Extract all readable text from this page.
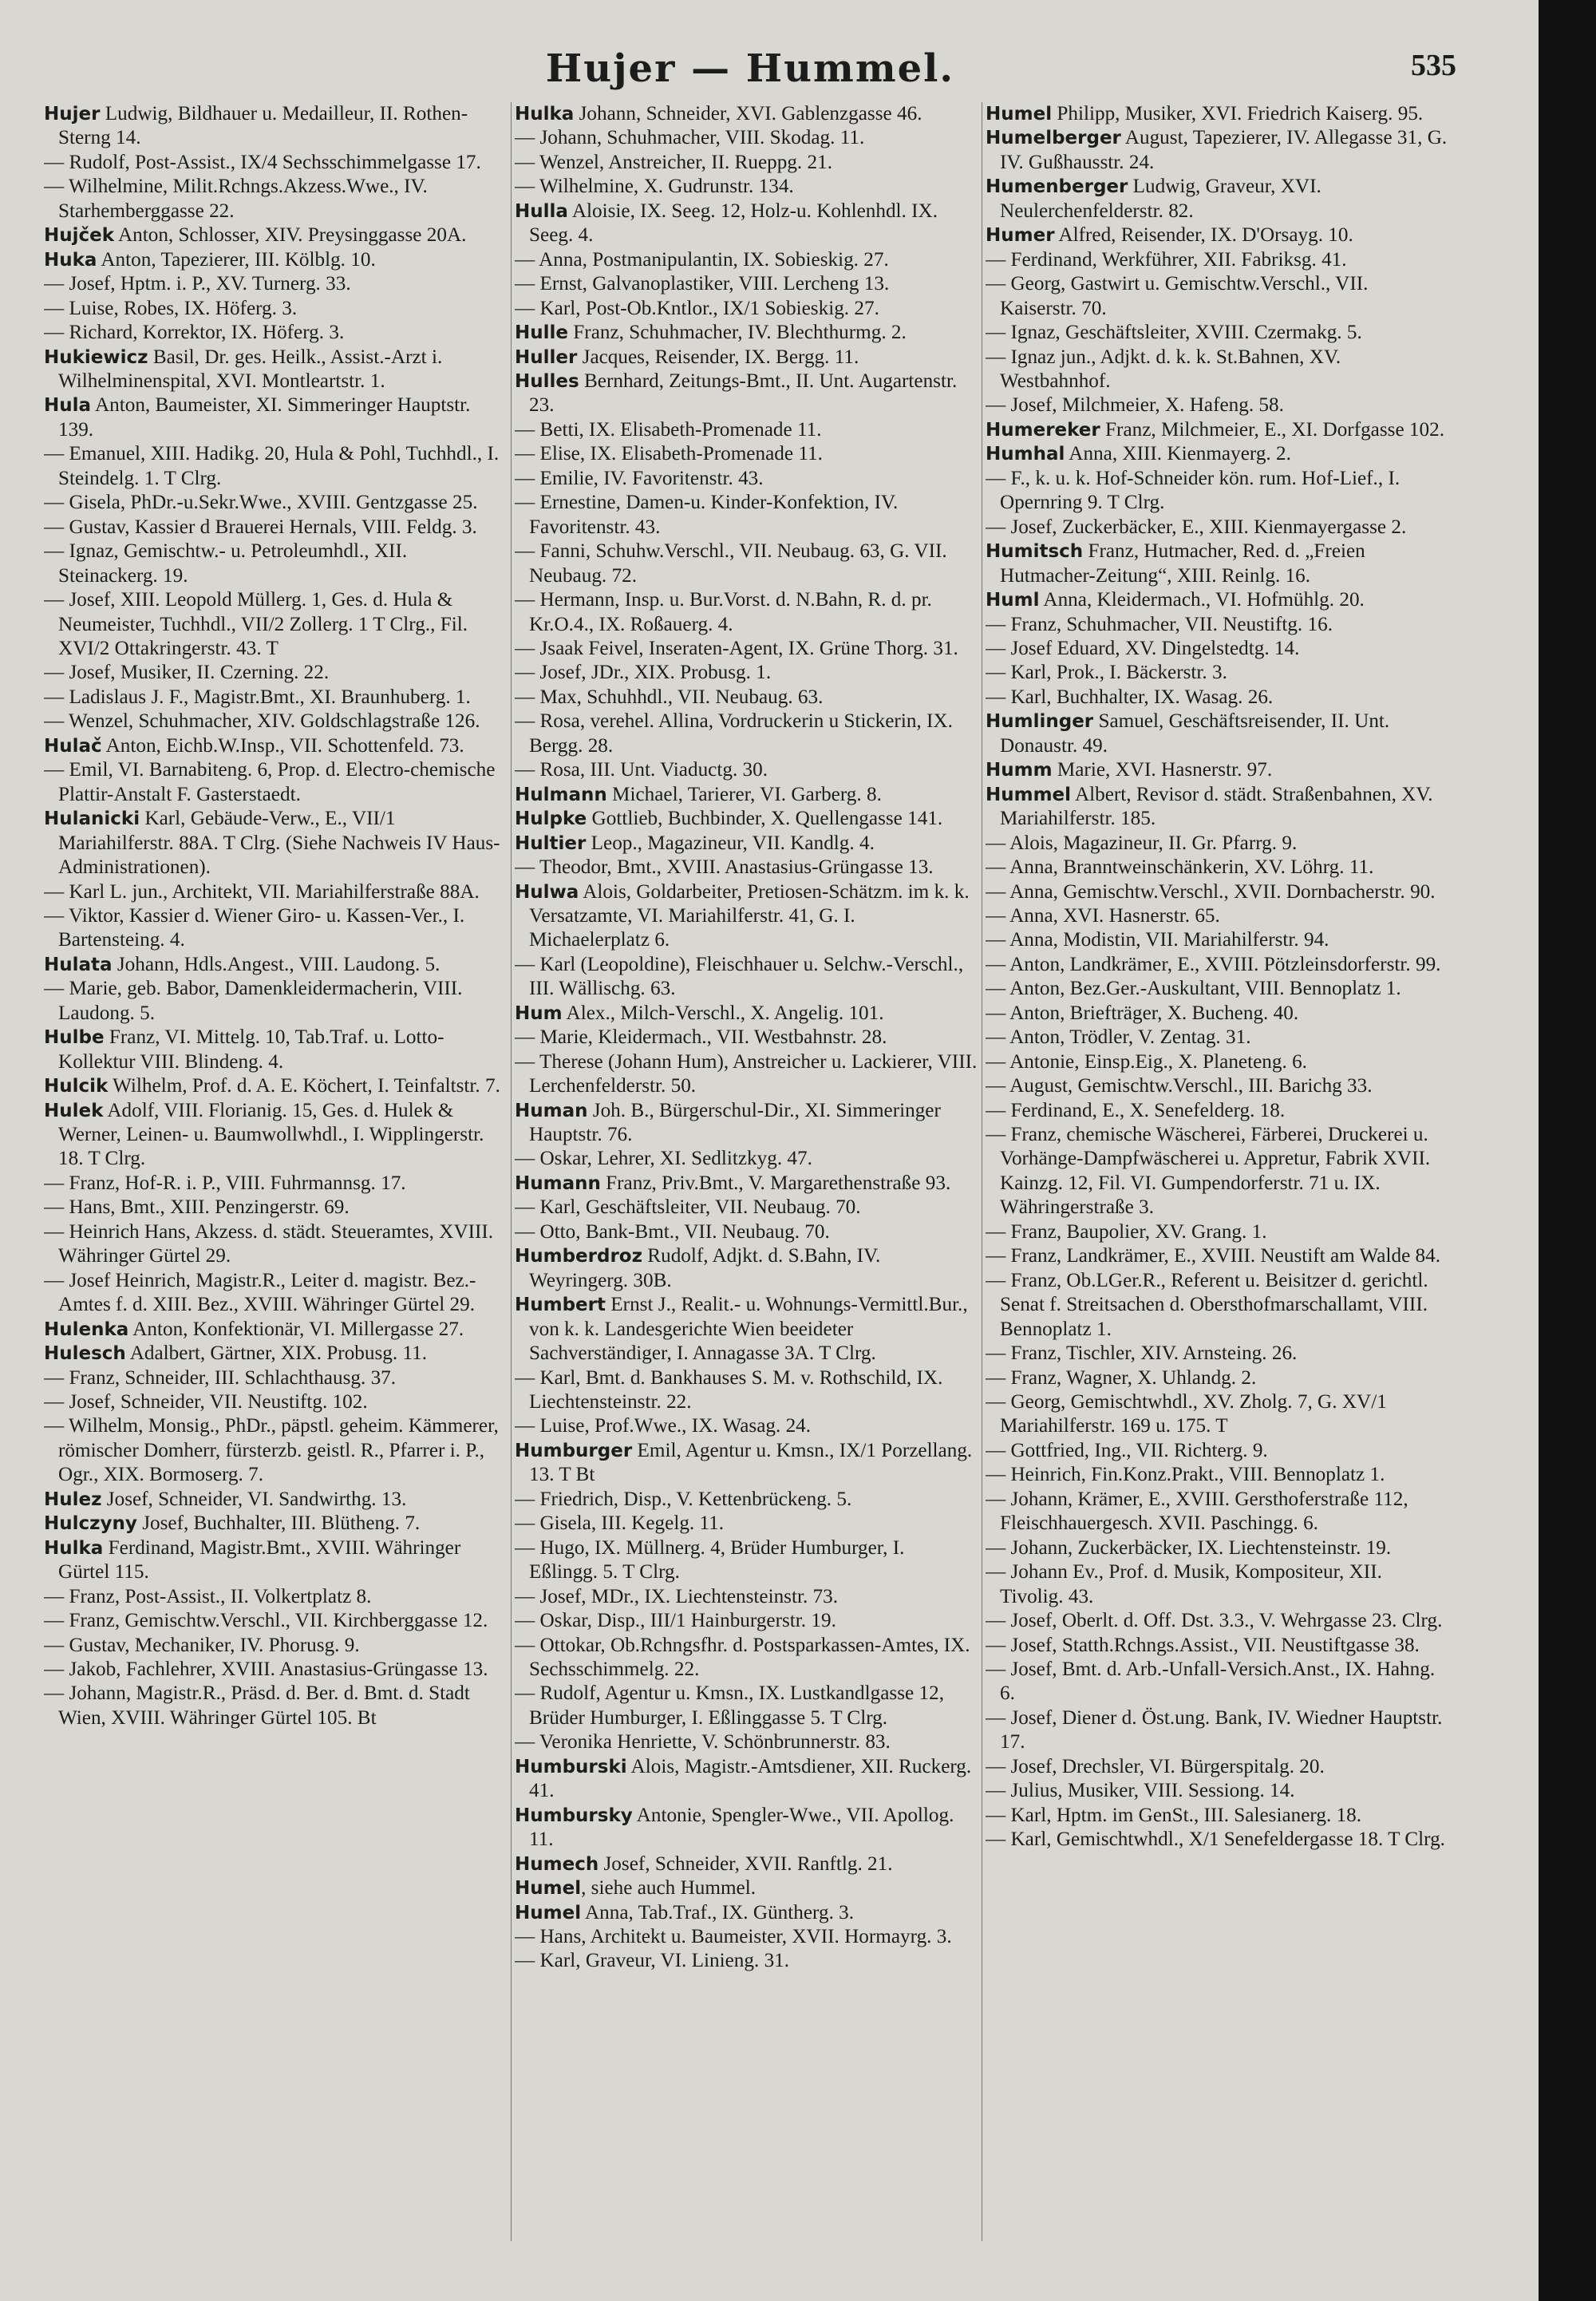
Hujer — Hummel.	535

Hujer Ludwig, Bildhauer u. Medailleur, II. Rothen-Sterng 14.

— Rudolf, Post-Assist., IX/4 Sechsschimmelgasse 17.

— Wilhelmine, Milit.Rchngs.Akzess.Wwe., IV. Starhemberggasse 22.

Hujček Anton, Schlosser, XIV. Preysinggasse 20A.

Huka Anton, Tapezierer, III. Kölblg. 10.

— Josef, Hptm. i. P., XV. Turnerg. 33.

— Luise, Robes, IX. Höferg. 3.

— Richard, Korrektor, IX. Höferg. 3.

Hukiewicz Basil, Dr. ges. Heilk., Assist.-Arzt i. Wilhelminenspital, XVI. Montleartstr. 1.

Hula Anton, Baumeister, XI. Simmeringer Hauptstr. 139.

— Emanuel, XIII. Hadikg. 20, Hula & Pohl, Tuchhdl., I. Steindelg. 1. T Clrg.

— Gisela, PhDr.-u.Sekr.Wwe., XVIII. Gentzgasse 25.

— Gustav, Kassier d Brauerei Hernals, VIII. Feldg. 3.

— Ignaz, Gemischtw.- u. Petroleumhdl., XII. Steinackerg. 19.

— Josef, XIII. Leopold Müllerg. 1, Ges. d. Hula & Neumeister, Tuchhdl., VII/2 Zollerg. 1 T Clrg., Fil. XVI/2 Ottakringerstr. 43. T

— Josef, Musiker, II. Czerning. 22.

— Ladislaus J. F., Magistr.Bmt., XI. Braunhuberg. 1.

— Wenzel, Schuhmacher, XIV. Goldschlagstraße 126.

Hulač Anton, Eichb.W.Insp., VII. Schottenfeld. 73.

— Emil, VI. Barnabiteng. 6, Prop. d. Electro-chemische Plattir-Anstalt F. Gasterstaedt.

Hulanicki Karl, Gebäude-Verw., E., VII/1 Mariahilferstr. 88A. T Clrg. (Siehe Nachweis IV Haus-Administrationen).

— Karl L. jun., Architekt, VII. Mariahilferstraße 88A.

— Viktor, Kassier d. Wiener Giro- u. Kassen-Ver., I. Bartensteing. 4.

Hulata Johann, Hdls.Angest., VIII. Laudong. 5.

— Marie, geb. Babor, Damenkleidermacherin, VIII. Laudong. 5.

Hulbe Franz, VI. Mittelg. 10, Tab.Traf. u. Lotto-Kollektur VIII. Blindeng. 4.

Hulcik Wilhelm, Prof. d. A. E. Köchert, I. Teinfaltstr. 7.

Hulek Adolf, VIII. Florianig. 15, Ges. d. Hulek & Werner, Leinen- u. Baumwollwhdl., I. Wipplingerstr. 18. T Clrg.

— Franz, Hof-R. i. P., VIII. Fuhrmannsg. 17.

— Hans, Bmt., XIII. Penzingerstr. 69.

— Heinrich Hans, Akzess. d. städt. Steueramtes, XVIII. Währinger Gürtel 29.

— Josef Heinrich, Magistr.R., Leiter d. magistr. Bez.-Amtes f. d. XIII. Bez., XVIII. Währinger Gürtel 29.

Hulenka Anton, Konfektionär, VI. Millergasse 27.

Hulesch Adalbert, Gärtner, XIX. Probusg. 11.

— Franz, Schneider, III. Schlachthausg. 37.

— Josef, Schneider, VII. Neustiftg. 102.

— Wilhelm, Monsig., PhDr., päpstl. geheim. Kämmerer, römischer Domherr, fürsterzb. geistl. R., Pfarrer i. P., Ogr., XIX. Bormoserg. 7.

Hulez Josef, Schneider, VI. Sandwirthg. 13.

Hulczyny Josef, Buchhalter, III. Blütheng. 7.

Hulka Ferdinand, Magistr.Bmt., XVIII. Währinger Gürtel 115.

— Franz, Post-Assist., II. Volkertplatz 8.

— Franz, Gemischtw.Verschl., VII. Kirchberggasse 12.

— Gustav, Mechaniker, IV. Phorusg. 9.

— Jakob, Fachlehrer, XVIII. Anastasius-Grüngasse 13.

— Johann, Magistr.R., Präsd. d. Ber. d. Bmt. d. Stadt Wien, XVIII. Währinger Gürtel 105. Bt

Hulka Johann, Schneider, XVI. Gablenzgasse 46.

— Johann, Schuhmacher, VIII. Skodag. 11.

— Wenzel, Anstreicher, II. Rueppg. 21.

— Wilhelmine, X. Gudrunstr. 134.

Hulla Aloisie, IX. Seeg. 12, Holz-u. Kohlenhdl. IX. Seeg. 4.

— Anna, Postmanipulantin, IX. Sobieskig. 27.

— Ernst, Galvanoplastiker, VIII. Lercheng 13.

— Karl, Post-Ob.Kntlor., IX/1 Sobieskig. 27.

Hulle Franz, Schuhmacher, IV. Blechthurmg. 2.

Huller Jacques, Reisender, IX. Bergg. 11.

Hulles Bernhard, Zeitungs-Bmt., II. Unt. Augartenstr. 23.

— Betti, IX. Elisabeth-Promenade 11.

— Elise, IX. Elisabeth-Promenade 11.

— Emilie, IV. Favoritenstr. 43.

— Ernestine, Damen-u. Kinder-Konfektion, IV. Favoritenstr. 43.

— Fanni, Schuhw.Verschl., VII. Neubaug. 63, G. VII. Neubaug. 72.

— Hermann, Insp. u. Bur.Vorst. d. N.Bahn, R. d. pr. Kr.O.4., IX. Roßauerg. 4.

— Jsaak Feivel, Inseraten-Agent, IX. Grüne Thorg. 31.

— Josef, JDr., XIX. Probusg. 1.

— Max, Schuhhdl., VII. Neubaug. 63.

— Rosa, verehel. Allina, Vordruckerin u Stickerin, IX. Bergg. 28.

— Rosa, III. Unt. Viaductg. 30.

Hulmann Michael, Tarierer, VI. Garberg. 8.

Hulpke Gottlieb, Buchbinder, X. Quellengasse 141.

Hultier Leop., Magazineur, VII. Kandlg. 4.

— Theodor, Bmt., XVIII. Anastasius-Grüngasse 13.

Hulwa Alois, Goldarbeiter, Pretiosen-Schätzm. im k. k. Versatzamte, VI. Mariahilferstr. 41, G. I. Michaelerplatz 6.

— Karl (Leopoldine), Fleischhauer u. Selchw.-Verschl., III. Wällischg. 63.

Hum Alex., Milch-Verschl., X. Angelig. 101.

— Marie, Kleidermach., VII. Westbahnstr. 28.

— Therese (Johann Hum), Anstreicher u. Lackierer, VIII. Lerchenfelderstr. 50.

Human Joh. B., Bürgerschul-Dir., XI. Simmeringer Hauptstr. 76.

— Oskar, Lehrer, XI. Sedlitzkyg. 47.

Humann Franz, Priv.Bmt., V. Margarethenstraße 93.

— Karl, Geschäftsleiter, VII. Neubaug. 70.

— Otto, Bank-Bmt., VII. Neubaug. 70.

Humberdroz Rudolf, Adjkt. d. S.Bahn, IV. Weyringerg. 30B.

Humbert Ernst J., Realit.- u. Wohnungs-Vermittl.Bur., von k. k. Landesgerichte Wien beeideter Sachverständiger, I. Annagasse 3A. T Clrg.

— Karl, Bmt. d. Bankhauses S. M. v. Rothschild, IX. Liechtensteinstr. 22.

— Luise, Prof.Wwe., IX. Wasag. 24.

Humburger Emil, Agentur u. Kmsn., IX/1 Porzellang. 13. T Bt

— Friedrich, Disp., V. Kettenbrückeng. 5.

— Gisela, III. Kegelg. 11.

— Hugo, IX. Müllnerg. 4, Brüder Humburger, I. Eßlingg. 5. T Clrg.

— Josef, MDr., IX. Liechtensteinstr. 73.

— Oskar, Disp., III/1 Hainburgerstr. 19.

— Ottokar, Ob.Rchngsfhr. d. Postsparkassen-Amtes, IX. Sechsschimmelg. 22.

— Rudolf, Agentur u. Kmsn., IX. Lustkandlgasse 12, Brüder Humburger, I. Eßlinggasse 5. T Clrg.

— Veronika Henriette, V. Schönbrunnerstr. 83.

Humburski Alois, Magistr.-Amtsdiener, XII. Ruckerg. 41.

Humbursky Antonie, Spengler-Wwe., VII. Apollog. 11.

Humech Josef, Schneider, XVII. Ranftlg. 21.

Humel, siehe auch Hummel.

Humel Anna, Tab.Traf., IX. Güntherg. 3.

— Hans, Architekt u. Baumeister, XVII. Hormayrg. 3.

— Karl, Graveur, VI. Linieng. 31.

Humel Philipp, Musiker, XVI. Friedrich Kaiserg. 95.

Humelberger August, Tapezierer, IV. Allegasse 31, G. IV. Gußhausstr. 24.

Humenberger Ludwig, Graveur, XVI. Neulerchenfelderstr. 82.

Humer Alfred, Reisender, IX. D'Orsayg. 10.

— Ferdinand, Werkführer, XII. Fabriksg. 41.

— Georg, Gastwirt u. Gemischtw.Verschl., VII. Kaiserstr. 70.

— Ignaz, Geschäftsleiter, XVIII. Czermakg. 5.

— Ignaz jun., Adjkt. d. k. k. St.Bahnen, XV. Westbahnhof.

— Josef, Milchmeier, X. Hafeng. 58.

Humereker Franz, Milchmeier, E., XI. Dorfgasse 102.

Humhal Anna, XIII. Kienmayerg. 2.

— F., k. u. k. Hof-Schneider kön. rum. Hof-Lief., I. Opernring 9. T Clrg.

— Josef, Zuckerbäcker, E., XIII. Kienmayergasse 2.

Humitsch Franz, Hutmacher, Red. d. „Freien Hutmacher-Zeitung“, XIII. Reinlg. 16.

Huml Anna, Kleidermach., VI. Hofmühlg. 20.

— Franz, Schuhmacher, VII. Neustiftg. 16.

— Josef Eduard, XV. Dingelstedtg. 14.

— Karl, Prok., I. Bäckerstr. 3.

— Karl, Buchhalter, IX. Wasag. 26.

Humlinger Samuel, Geschäftsreisender, II. Unt. Donaustr. 49.

Humm Marie, XVI. Hasnerstr. 97.

Hummel Albert, Revisor d. städt. Straßenbahnen, XV. Mariahilferstr. 185.

— Alois, Magazineur, II. Gr. Pfarrg. 9.

— Anna, Branntweinschänkerin, XV. Löhrg. 11.

— Anna, Gemischtw.Verschl., XVII. Dornbacherstr. 90.

— Anna, XVI. Hasnerstr. 65.

— Anna, Modistin, VII. Mariahilferstr. 94.

— Anton, Landkrämer, E., XVIII. Pötzleinsdorferstr. 99.

— Anton, Bez.Ger.-Auskultant, VIII. Bennoplatz 1.

— Anton, Briefträger, X. Bucheng. 40.

— Anton, Trödler, V. Zentag. 31.

— Antonie, Einsp.Eig., X. Planeteng. 6.

— August, Gemischtw.Verschl., III. Barichg 33.

— Ferdinand, E., X. Senefelderg. 18.

— Franz, chemische Wäscherei, Färberei, Druckerei u. Vorhänge-Dampfwäscherei u. Appretur, Fabrik XVII. Kainzg. 12, Fil. VI. Gumpendorferstr. 71 u. IX. Währingerstraße 3.

— Franz, Baupolier, XV. Grang. 1.

— Franz, Landkrämer, E., XVIII. Neustift am Walde 84.

— Franz, Ob.LGer.R., Referent u. Beisitzer d. gerichtl. Senat f. Streitsachen d. Obersthofmarschallamt, VIII. Bennoplatz 1.

— Franz, Tischler, XIV. Arnsteing. 26.

— Franz, Wagner, X. Uhlandg. 2.

— Georg, Gemischtwhdl., XV. Zholg. 7, G. XV/1 Mariahilferstr. 169 u. 175. T

— Gottfried, Ing., VII. Richterg. 9.

— Heinrich, Fin.Konz.Prakt., VIII. Bennoplatz 1.

— Johann, Krämer, E., XVIII. Gersthoferstraße 112, Fleischhauergesch. XVII. Paschingg. 6.

— Johann, Zuckerbäcker, IX. Liechtensteinstr. 19.

— Johann Ev., Prof. d. Musik, Kompositeur, XII. Tivolig. 43.

— Josef, Oberlt. d. Off. Dst. 3.3., V. Wehrgasse 23. Clrg.

— Josef, Statth.Rchngs.Assist., VII. Neustiftgasse 38.

— Josef, Bmt. d. Arb.-Unfall-Versich.Anst., IX. Hahng. 6.

— Josef, Diener d. Öst.ung. Bank, IV. Wiedner Hauptstr. 17.

— Josef, Drechsler, VI. Bürgerspitalg. 20.

— Julius, Musiker, VIII. Sessiong. 14.

— Karl, Hptm. im GenSt., III. Salesianerg. 18.

— Karl, Gemischtwhdl., X/1 Senefeldergasse 18. T Clrg.
